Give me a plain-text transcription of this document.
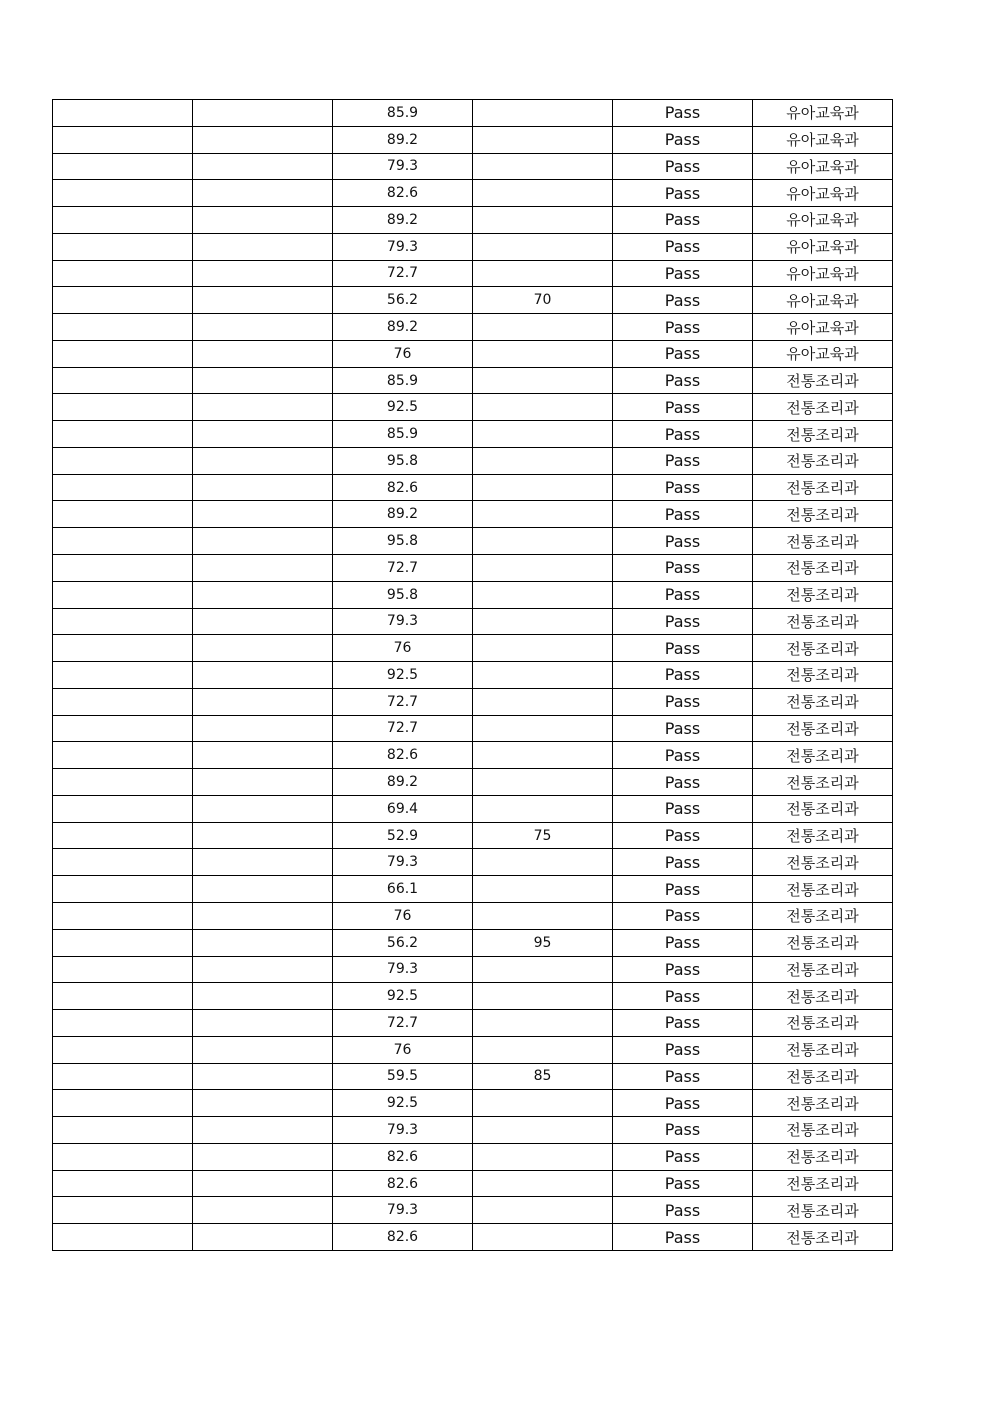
		85.9		Pass	유아교육과
		89.2		Pass	유아교육과
		79.3		Pass	유아교육과
		82.6		Pass	유아교육과
		89.2		Pass	유아교육과
		79.3		Pass	유아교육과
		72.7		Pass	유아교육과
		56.2	70	Pass	유아교육과
		89.2		Pass	유아교육과
		76		Pass	유아교육과
		85.9		Pass	전통조리과
		92.5		Pass	전통조리과
		85.9		Pass	전통조리과
		95.8		Pass	전통조리과
		82.6		Pass	전통조리과
		89.2		Pass	전통조리과
		95.8		Pass	전통조리과
		72.7		Pass	전통조리과
		95.8		Pass	전통조리과
		79.3		Pass	전통조리과
		76		Pass	전통조리과
		92.5		Pass	전통조리과
		72.7		Pass	전통조리과
		72.7		Pass	전통조리과
		82.6		Pass	전통조리과
		89.2		Pass	전통조리과
		69.4		Pass	전통조리과
		52.9	75	Pass	전통조리과
		79.3		Pass	전통조리과
		66.1		Pass	전통조리과
		76		Pass	전통조리과
		56.2	95	Pass	전통조리과
		79.3		Pass	전통조리과
		92.5		Pass	전통조리과
		72.7		Pass	전통조리과
		76		Pass	전통조리과
		59.5	85	Pass	전통조리과
		92.5		Pass	전통조리과
		79.3		Pass	전통조리과
		82.6		Pass	전통조리과
		82.6		Pass	전통조리과
		79.3		Pass	전통조리과
		82.6		Pass	전통조리과
